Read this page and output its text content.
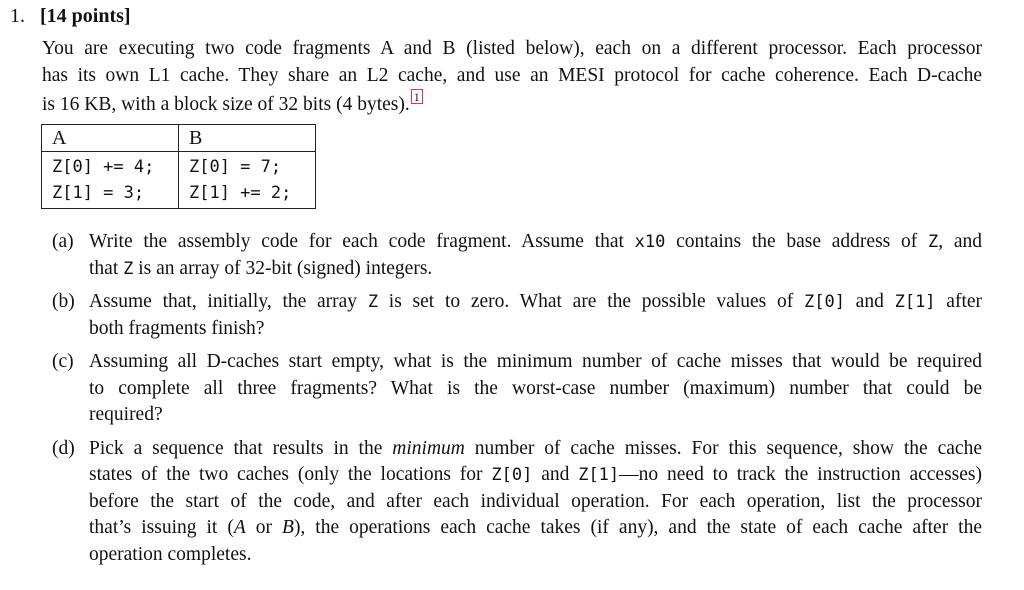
1. [14 points]
You are executing two code fragments A and B (listed below), each on a different processor. Each processor
has its own L1 cache. They share an L2 cache, and use an MESI protocol for cache coherence. Each D-cache
is 16 KB, with a block size of 32 bits (4 bytes). 1
A	B
Z[0] += 4;	Z[0] = 7;
Z[1] = 3;	Z[1] += 2;
(a) Write the assembly code for each code fragment. Assume that x10 contains the base address of Z, and
that Z is an array of 32-bit (signed) integers.
(b) Assume that, initially, the array Z is set to zero. What are the possible values of Z[0] and Z[1] after
both fragments finish?
(c) Assuming all D-caches start empty, what is the minimum number of cache misses that would be required
to complete all three fragments? What is the worst-case number (maximum) number that could be
required?
(d) Pick a sequence that results in the minimum number of cache misses. For this sequence, show the cache
states of the two caches (only the locations for Z[0] and Z[1]—no need to track the instruction accesses)
before the start of the code, and after each individual operation. For each operation, list the processor
that’s issuing it (A or B), the operations each cache takes (if any), and the state of each cache after the
operation completes.
